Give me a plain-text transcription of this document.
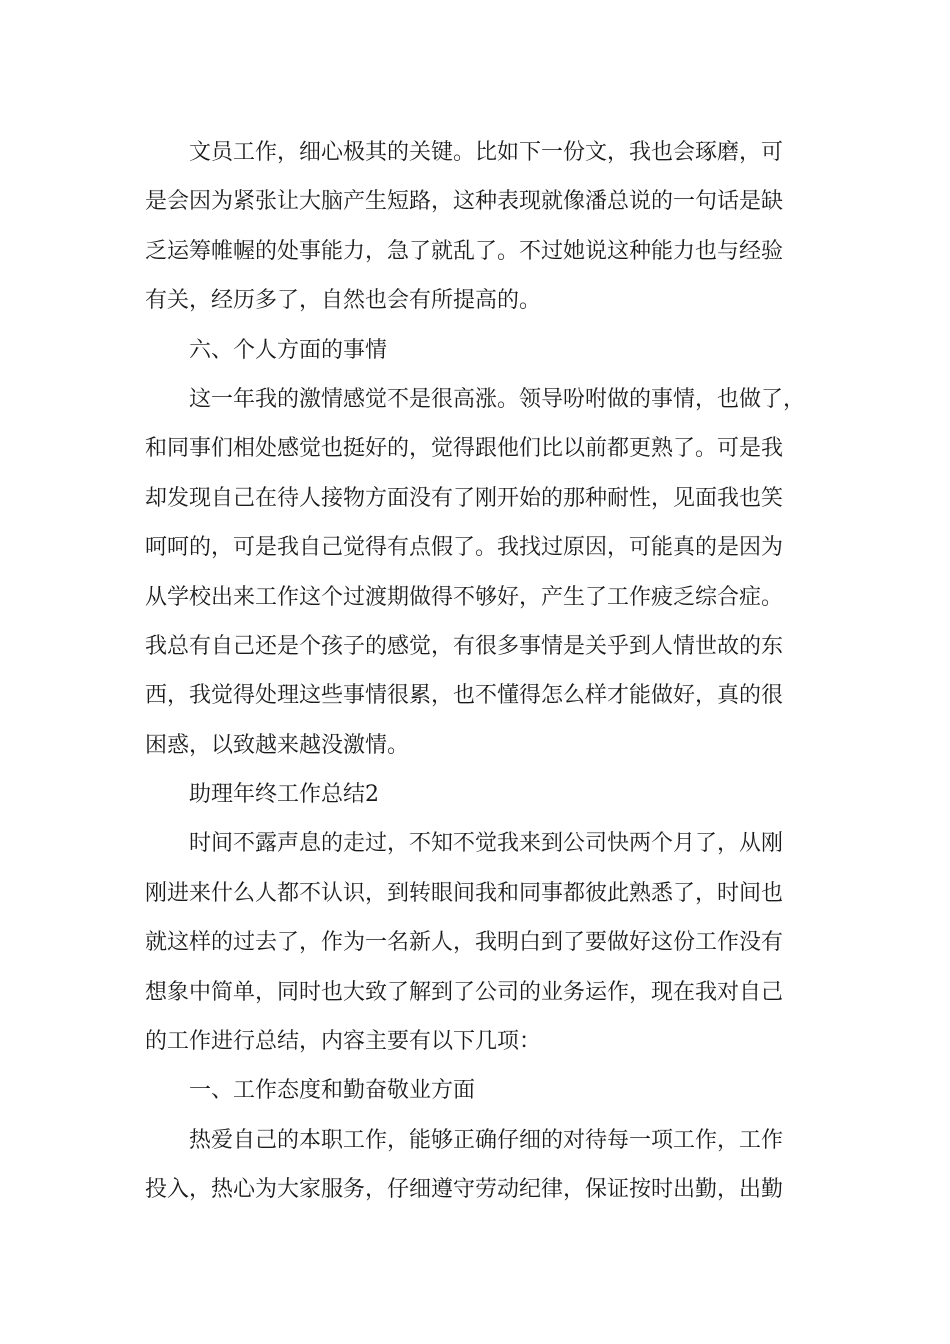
文员工作，细心极其的关键。比如下一份文，我也会琢磨，可
是会因为紧张让大脑产生短路，这种表现就像潘总说的一句话是缺
乏运筹帷幄的处事能力，急了就乱了。不过她说这种能力也与经验
有关，经历多了，自然也会有所提高的。
六、个人方面的事情
这一年我的激情感觉不是很高涨。领导吩咐做的事情，也做了，
和同事们相处感觉也挺好的，觉得跟他们比以前都更熟了。可是我
却发现自己在待人接物方面没有了刚开始的那种耐性，见面我也笑
呵呵的，可是我自己觉得有点假了。我找过原因，可能真的是因为
从学校出来工作这个过渡期做得不够好，产生了工作疲乏综合症。
我总有自己还是个孩子的感觉，有很多事情是关乎到人情世故的东
西，我觉得处理这些事情很累，也不懂得怎么样才能做好，真的很
困惑，以致越来越没激情。
助理年终工作总结2
时间不露声息的走过，不知不觉我来到公司快两个月了，从刚
刚进来什么人都不认识，到转眼间我和同事都彼此熟悉了，时间也
就这样的过去了，作为一名新人，我明白到了要做好这份工作没有
想象中简单，同时也大致了解到了公司的业务运作，现在我对自己
的工作进行总结，内容主要有以下几项：
一、工作态度和勤奋敬业方面
热爱自己的本职工作，能够正确仔细的对待每一项工作，工作
投入，热心为大家服务，仔细遵守劳动纪律，保证按时出勤，出勤
